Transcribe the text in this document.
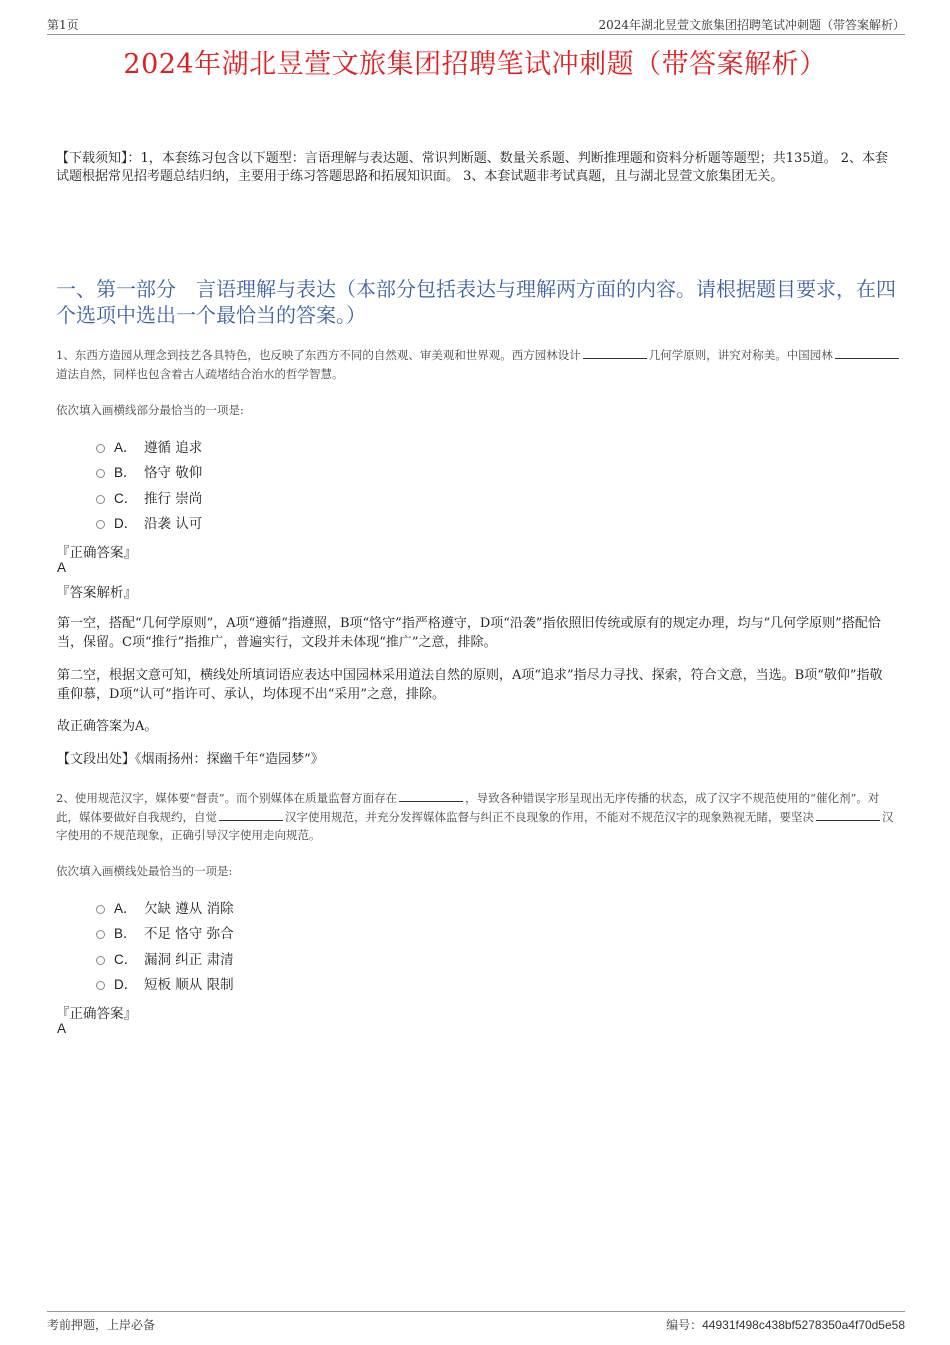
第1页	2024年湖北昱萱文旅集团招聘笔试冲刺题（带答案解析）
2024年湖北昱萱文旅集团招聘笔试冲刺题（带答案解析）
【下载须知】：1，本套练习包含以下题型：言语理解与表达题、常识判断题、数量关系题、判断推理题和资料分析题等题型；共135道。 2、本套试题根据常见招考题总结归纳，主要用于练习答题思路和拓展知识面。 3、本套试题非考试真题，且与湖北昱萱文旅集团无关。
一、第一部分　言语理解与表达（本部分包括表达与理解两方面的内容。请根据题目要求，在四个选项中选出一个最恰当的答案。）
1、东西方造园从理念到技艺各具特色，也反映了东西方不同的自然观、审美观和世界观。西方园林设计	几何学原则，讲究对称美。中国园林道法自然，同样也包含着古人疏堵结合治水的哲学智慧。
依次填入画横线部分最恰当的一项是:
A． 遵循 追求
B． 恪守 敬仰
C． 推行 崇尚
D． 沿袭 认可
『正确答案』
A
『答案解析』
第一空，搭配“几何学原则”，A项“遵循”指遵照，B项“恪守”指严格遵守，D项“沿袭”指依照旧传统或原有的规定办理，均与“几何学原则”搭配恰当，保留。C项“推行”指推广，普遍实行，文段并未体现“推广”之意，排除。
第二空，根据文意可知，横线处所填词语应表达中国园林采用道法自然的原则，A项“追求”指尽力寻找、探索，符合文意，当选。B项“敬仰”指敬重仰慕，D项“认可”指许可、承认，均体现不出“采用”之意，排除。
故正确答案为A。
【文段出处】《烟雨扬州：探幽千年“造园梦”》
2、使用规范汉字，媒体要“督责”。而个别媒体在质量监督方面存在	，导致各种错误字形呈现出无序传播的状态，成了汉字不规范使用的“催化剂”。对此，媒体要做好自我规约，自觉	汉字使用规范，并充分发挥媒体监督与纠正不良现象的作用，不能对不规范汉字的现象熟视无睹，要坚决	汉字使用的不规范现象，正确引导汉字使用走向规范。
依次填入画横线处最恰当的一项是:
A． 欠缺 遵从 消除
B． 不足 恪守 弥合
C． 漏洞 纠正 肃清
D． 短板 顺从 限制
『正确答案』
A
考前押题，上岸必备	编号：44931f498c438bf5278350a4f70d5e58
